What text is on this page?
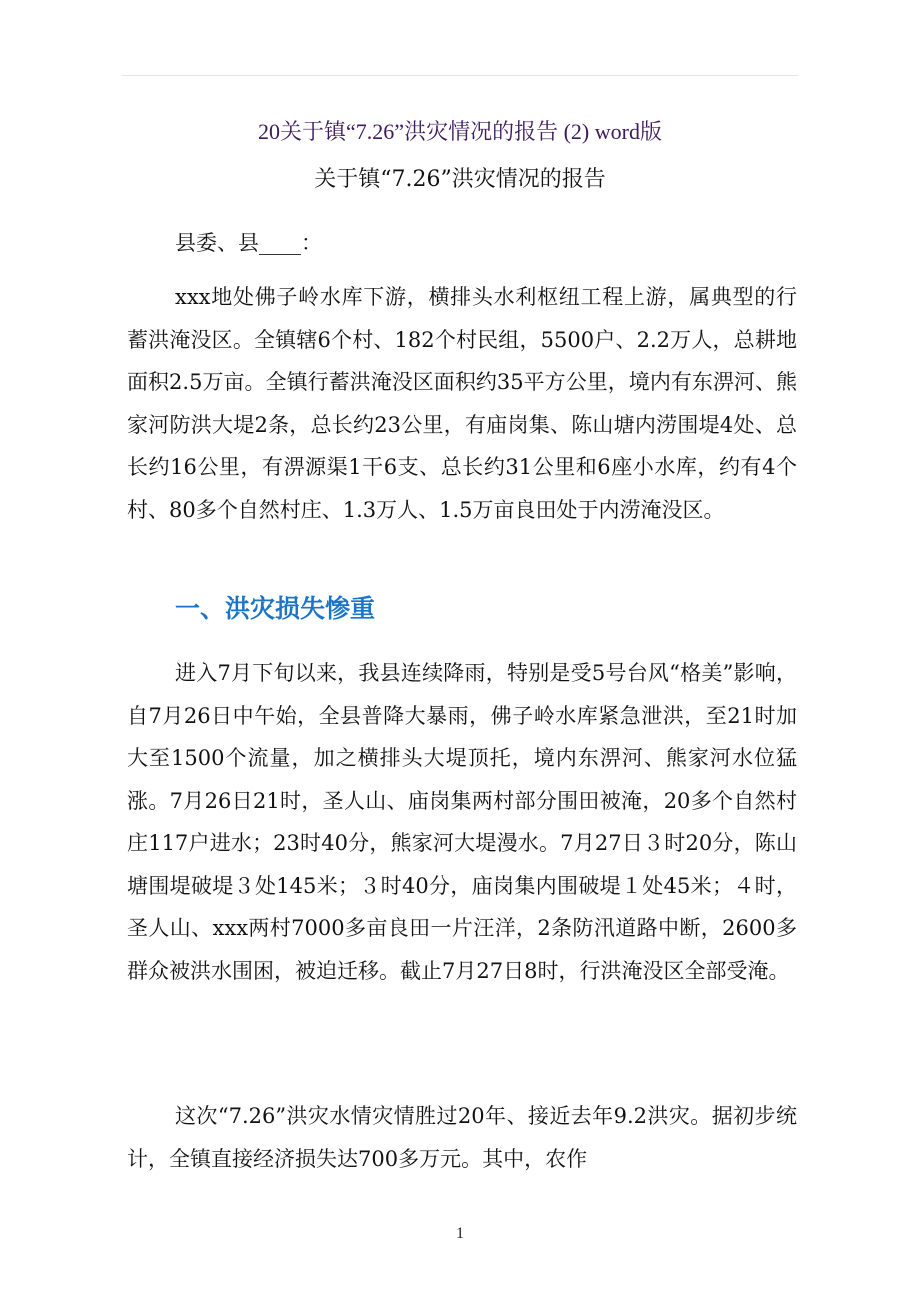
20关于镇“7.26”洪灾情况的报告 (2) word版
关于镇“7.26”洪灾情况的报告
县委、县____：
xxx地处佛子岭水库下游，横排头水利枢纽工程上游，属典型的行蓄洪淹没区。全镇辖6个村、182个村民组，5500户、2.2万人，总耕地面积2.5万亩。全镇行蓄洪淹没区面积约35平方公里，境内有东淠河、熊家河防洪大堤2条，总长约23公里，有庙岗集、陈山塘内涝围堤4处、总长约16公里，有淠源渠1干6支、总长约31公里和6座小水库，约有4个村、80多个自然村庄、1.3万人、1.5万亩良田处于内涝淹没区。
一、洪灾损失惨重
进入7月下旬以来，我县连续降雨，特别是受5号台风“格美”影响，自7月26日中午始，全县普降大暴雨，佛子岭水库紧急泄洪，至21时加大至1500个流量，加之横排头大堤顶托，境内东淠河、熊家河水位猛涨。7月26日21时，圣人山、庙岗集两村部分围田被淹，20多个自然村庄117户进水；23时40分，熊家河大堤漫水。7月27日３时20分，陈山塘围堤破堤３处145米；３时40分，庙岗集内围破堤１处45米；４时，圣人山、xxx两村7000多亩良田一片汪洋，2条防汛道路中断，2600多群众被洪水围困，被迫迁移。截止7月27日8时，行洪淹没区全部受淹。
这次“7.26”洪灾水情灾情胜过20年、接近去年9.2洪灾。据初步统计，全镇直接经济损失达700多万元。其中，农作
1
